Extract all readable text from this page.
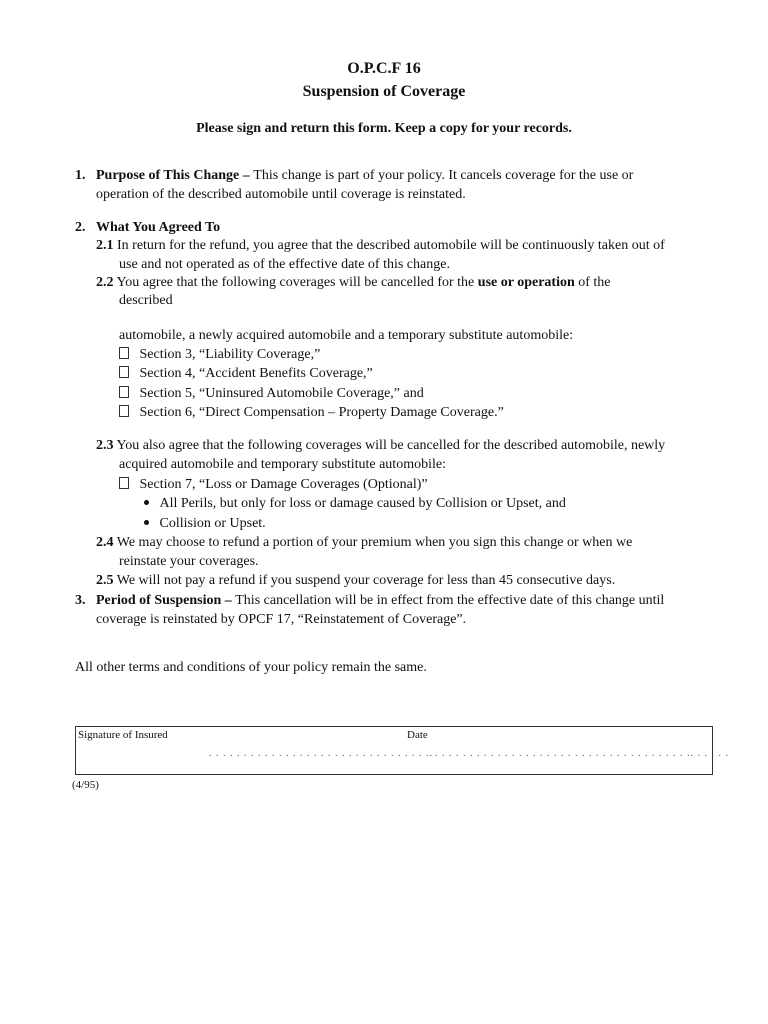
O.P.C.F 16
Suspension of Coverage
Please sign and return this form. Keep a copy for your records.
1. Purpose of This Change – This change is part of your policy. It cancels coverage for the use or
operation of the described automobile until coverage is reinstated.
2. What You Agreed To
2.1 In return for the refund, you agree that the described automobile will be continuously taken out of
use and not operated as of the effective date of this change.
2.2 You agree that the following coverages will be cancelled for the use or operation of the
described
automobile, a newly acquired automobile and a temporary substitute automobile:
Section 3, “Liability Coverage,”
Section 4, “Accident Benefits Coverage,”
Section 5, “Uninsured Automobile Coverage,” and
Section 6, “Direct Compensation – Property Damage Coverage.”
2.3 You also agree that the following coverages will be cancelled for the described automobile, newly
acquired automobile and temporary substitute automobile:
Section 7, “Loss or Damage Coverages (Optional)”
All Perils, but only for loss or damage caused by Collision or Upset, and
Collision or Upset.
2.4 We may choose to refund a portion of your premium when you sign this change or when we
reinstate your coverages.
2.5 We will not pay a refund if you suspend your coverage for less than 45 consecutive days.
3. Period of Suspension – This cancellation will be in effect from the effective date of this change until
coverage is reinstated by OPCF 17, “Reinstatement of Coverage”.
All other terms and conditions of your policy remain the same.
Signature of Insured	Date
. . . . . . . . . . . . . . . . . . . . . . . . . . . . . . . .. . . . . . . . . . . . . . . . . . . . . . . . . . . . . . . . . . . . . .. . . . . .
(4/95)
